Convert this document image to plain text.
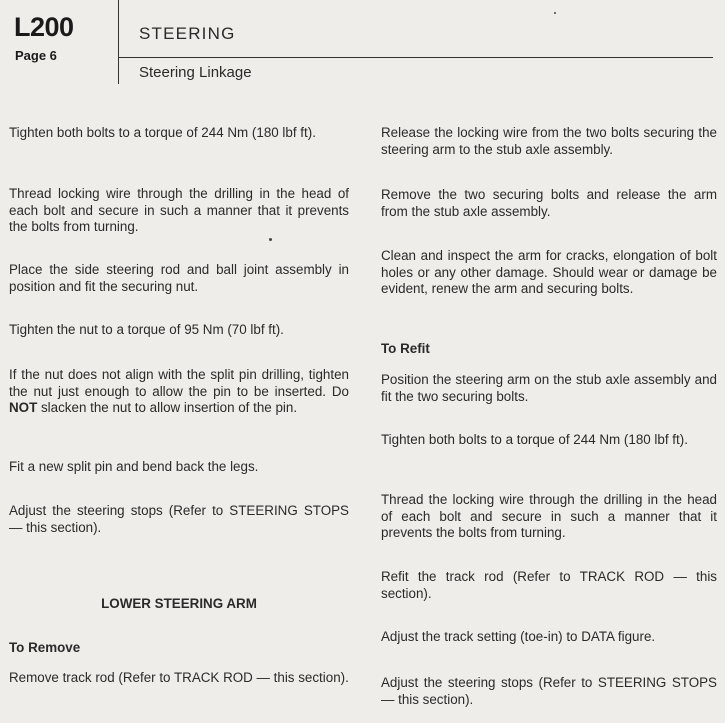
L200
Page 6
STEERING
Steering Linkage
Tighten both bolts to a torque of 244 Nm (180 lbf ft).
Thread locking wire through the drilling in the head of each bolt and secure in such a manner that it prevents the bolts from turning.
Place the side steering rod and ball joint assembly in position and fit the securing nut.
Tighten the nut to a torque of 95 Nm (70 lbf ft).
If the nut does not align with the split pin drilling, tighten the nut just enough to allow the pin to be inserted. Do NOT slacken the nut to allow insertion of the pin.
Fit a new split pin and bend back the legs.
Adjust the steering stops (Refer to STEERING STOPS — this section).
LOWER STEERING ARM
To Remove
Remove track rod (Refer to TRACK ROD — this section).
Release the locking wire from the two bolts securing the steering arm to the stub axle assembly.
Remove the two securing bolts and release the arm from the stub axle assembly.
Clean and inspect the arm for cracks, elongation of bolt holes or any other damage. Should wear or damage be evident, renew the arm and securing bolts.
To Refit
Position the steering arm on the stub axle assembly and fit the two securing bolts.
Tighten both bolts to a torque of 244 Nm (180 lbf ft).
Thread the locking wire through the drilling in the head of each bolt and secure in such a manner that it prevents the bolts from turning.
Refit the track rod (Refer to TRACK ROD — this section).
Adjust the track setting (toe-in) to DATA figure.
Adjust the steering stops (Refer to STEERING STOPS — this section).
